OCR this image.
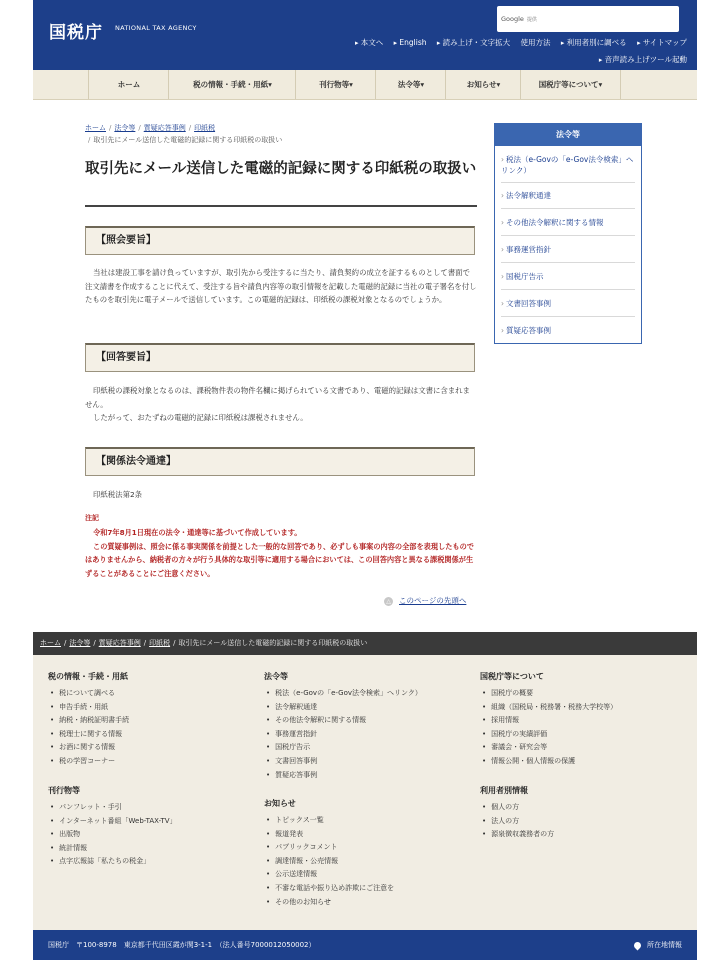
国税庁 NATIONAL TAX AGENCY
Google 提供
▸ 本文へ ▸ English ▸ 読み上げ・文字拡大 使用方法 ▸ 利用者別に調べる ▸ サイトマップ
▸ 音声読み上げツール起動
ホーム	税の情報・手続・用紙▾	刊行物等▾	法令等▾	お知らせ▾	国税庁等について▾
ホーム / 法令等 / 質疑応答事例 / 印紙税
/ 取引先にメール送信した電磁的記録に関する印紙税の取扱い
取引先にメール送信した電磁的記録に関する印紙税の取扱い
【照会要旨】
当社は建設工事を請け負っていますが、取引先から受注するに当たり、請負契約の成立を証するものとして書面で注文請書を作成することに代えて、受注する旨や請負内容等の取引情報を記載した電磁的記録に当社の電子署名を付したものを取引先に電子メールで送信しています。この電磁的記録は、印紙税の課税対象となるのでしょうか。
【回答要旨】
印紙税の課税対象となるのは、課税物件表の物件名欄に掲げられている文書であり、電磁的記録は文書に含まれません。
したがって、おたずねの電磁的記録に印紙税は課税されません。
【関係法令通達】
印紙税法第2条
注記
令和7年8月1日現在の法令・通達等に基づいて作成しています。
この質疑事例は、照会に係る事実関係を前提とした一般的な回答であり、必ずしも事案の内容の全部を表現したものではありませんから、納税者の方々が行う具体的な取引等に適用する場合においては、この回答内容と異なる課税関係が生ずることがあることにご注意ください。
△ このページの先頭へ
法令等
› 税法（e-Govの「e-Gov法令検索」へリンク）
› 法令解釈通達
› その他法令解釈に関する情報
› 事務運営指針
› 国税庁告示
› 文書回答事例
› 質疑応答事例
ホーム / 法令等 / 質疑応答事例 / 印紙税 / 取引先にメール送信した電磁的記録に関する印紙税の取扱い
税の情報・手続・用紙
• 税について調べる
• 申告手続・用紙
• 納税・納税証明書手続
• 税理士に関する情報
• お酒に関する情報
• 税の学習コーナー
刊行物等
• パンフレット・手引
• インターネット番組「Web-TAX-TV」
• 出版物
• 統計情報
• 点字広報誌「私たちの税金」
法令等
• 税法（e-Govの「e-Gov法令検索」へリンク）
• 法令解釈通達
• その他法令解釈に関する情報
• 事務運営指針
• 国税庁告示
• 文書回答事例
• 質疑応答事例
お知らせ
• トピックス一覧
• 報道発表
• パブリックコメント
• 調達情報・公売情報
• 公示送達情報
• 不審な電話や振り込め詐欺にご注意を
• その他のお知らせ
国税庁等について
• 国税庁の概要
• 組織（国税局・税務署・税務大学校等）
• 採用情報
• 国税庁の実績評価
• 審議会・研究会等
• 情報公開・個人情報の保護
利用者別情報
• 個人の方
• 法人の方
• 源泉徴収義務者の方
国税庁　〒100-8978　東京都千代田区霞が関3-1-1　（法人番号7000012050002）	所在地情報
